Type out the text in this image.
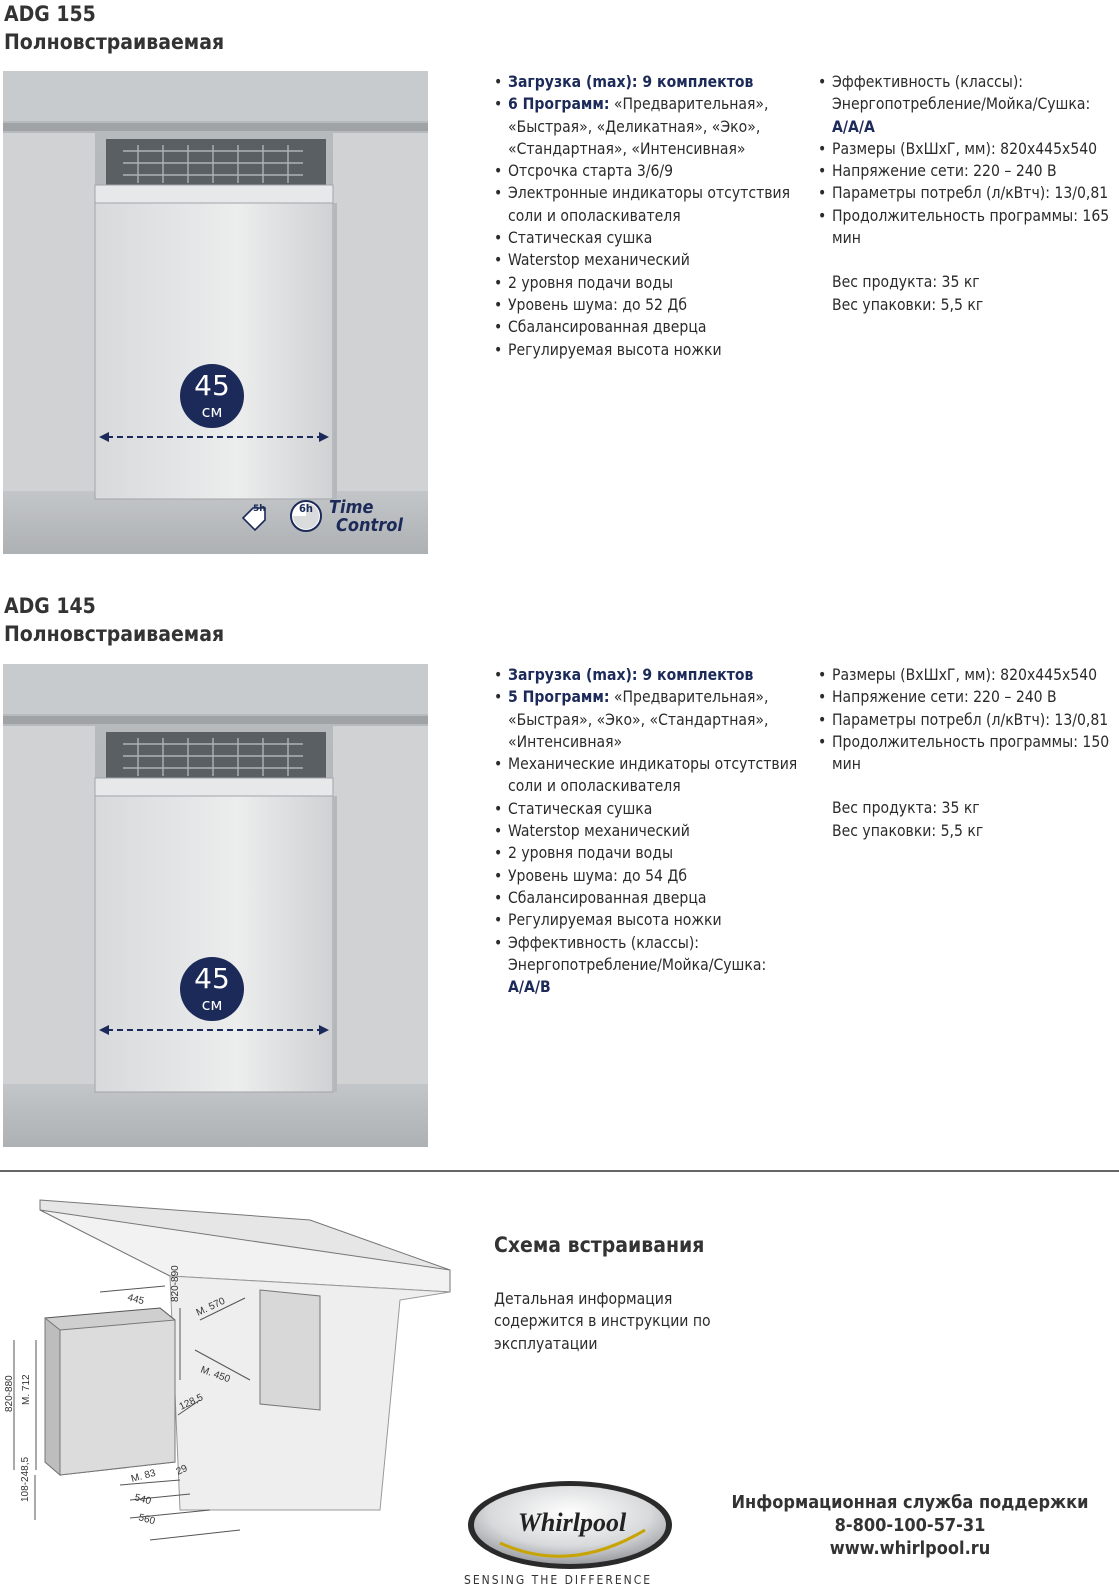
ADG 155
Полновстраиваемая
45
см
5h	6h Time
Control
• Загрузка (max): 9 комплектов
• 6 Программ: «Предварительная», «Быстрая», «Деликатная», «Эко», «Стандартная», «Интенсивная»
• Отсрочка старта 3/6/9
• Электронные индикаторы отсутствия соли и ополаскивателя
• Статическая сушка
• Waterstop механический
• 2 уровня подачи воды
• Уровень шума: до 52 Дб
• Сбалансированная дверца
• Регулируемая высота ножки
• Эффективность (классы): Энергопотребление/Мойка/Сушка:
A/A/A
• Размеры (ВхШхГ, мм): 820x445x540
• Напряжение сети: 220 – 240 В
• Параметры потребл (л/кВтч): 13/0,81
• Продолжительность программы: 165 мин
Вес продукта: 35 кг
Вес упаковки: 5,5 кг
ADG 145
Полновстраиваемая
45
см
• Загрузка (max): 9 комплектов
• 5 Программ: «Предварительная», «Быстрая», «Эко», «Стандартная», «Интенсивная»
• Механические индикаторы отсутствия соли и ополаскивателя
• Статическая сушка
• Waterstop механический
• 2 уровня подачи воды
• Уровень шума: до 54 Дб
• Сбалансированная дверца
• Регулируемая высота ножки
• Эффективность (классы): Энергопотребление/Мойка/Сушка:
A/A/B
• Размеры (ВхШхГ, мм): 820x445x540
• Напряжение сети: 220 – 240 В
• Параметры потребл (л/кВтч): 13/0,81
• Продолжительность программы: 150 мин
Вес продукта: 35 кг
Вес упаковки: 5,5 кг
445 820-890
M. 570
M. 450
820-880 M. 712	128,5
108-248,5	M. 83 29
540
560
Схема встраивания
Детальная информация содержится в инструкции по эксплуатации
Whirlpool
SENSING THE DIFFERENCE
Информационная служба поддержки
8-800-100-57-31
www.whirlpool.ru
